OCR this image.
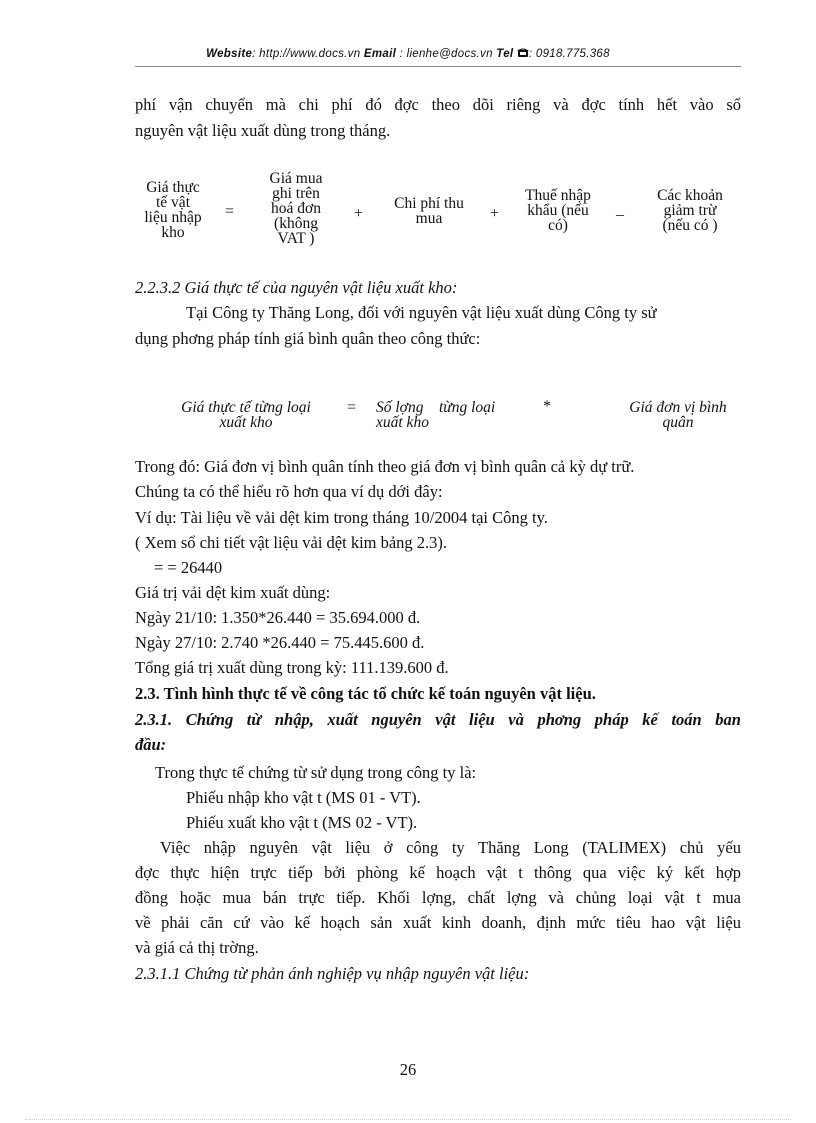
Website: http://www.docs.vn Email : lienhe@docs.vn Tel : 0918.775.368
phí vận chuyển mà chi phí đó đợc theo dõi riêng và đợc tính hết vào sổ
nguyên vật liệu xuất dùng trong tháng.
Giá thực
tế vật
liệu nhập
kho
=
Giá mua
ghi trên
hoá đơn
(không
VAT )
+
Chi phí thu
mua	+
Thuế nhập
khẩu (nếu
có)
_
Các khoản
giảm trừ
(nếu có )
2.2.3.2 Giá thực tế của nguyên vật liệu xuất kho:
Tại Công ty Thăng Long, đối với nguyên vật liệu xuất dùng Công ty sử
dụng phơng pháp tính giá bình quân theo công thức:
Giá thực tế từng loại
xuất kho
= Số lợng    từng loại
xuất kho
*	Giá đơn vị bình
quân
Trong đó: Giá đơn vị bình quân tính theo giá đơn vị bình quân cả kỳ dự trữ.
Chúng ta có thể hiểu rõ hơn qua ví dụ dới đây:
Ví dụ: Tài liệu về vải dệt kim trong tháng 10/2004 tại Công ty.
( Xem sổ chi tiết vật liệu vải dệt kim bảng 2.3).
= = 26440
Giá trị vải dệt kim xuất dùng:
Ngày 21/10: 1.350*26.440 = 35.694.000 đ.
Ngày 27/10: 2.740 *26.440 = 75.445.600 đ.
Tổng giá trị xuất dùng trong kỳ: 111.139.600 đ.
2.3. Tình hình thực tế về công tác tổ chức kế toán nguyên vật liệu.
2.3.1. Chứng từ nhập, xuất nguyên vật liệu và phơng pháp kế toán ban
đầu:
Trong thực tế chứng từ sử dụng trong công ty là:
Phiếu nhập kho vật t (MS 01 - VT).
Phiếu xuất kho vật t (MS 02 - VT).
Việc nhập nguyên vật liệu ở công ty Thăng Long (TALIMEX) chủ yếu
đợc thực hiện trực tiếp bởi phòng kế hoạch vật t thông qua việc ký kết hợp
đồng hoặc mua bán trực tiếp. Khối lợng, chất lợng và chủng loại vật t mua
về phải căn cứ vào kế hoạch sản xuất kinh doanh, định mức tiêu hao vật liệu
và giá cả thị trờng.
2.3.1.1 Chứng từ phản ánh nghiệp vụ nhập nguyên vật liệu:
26
